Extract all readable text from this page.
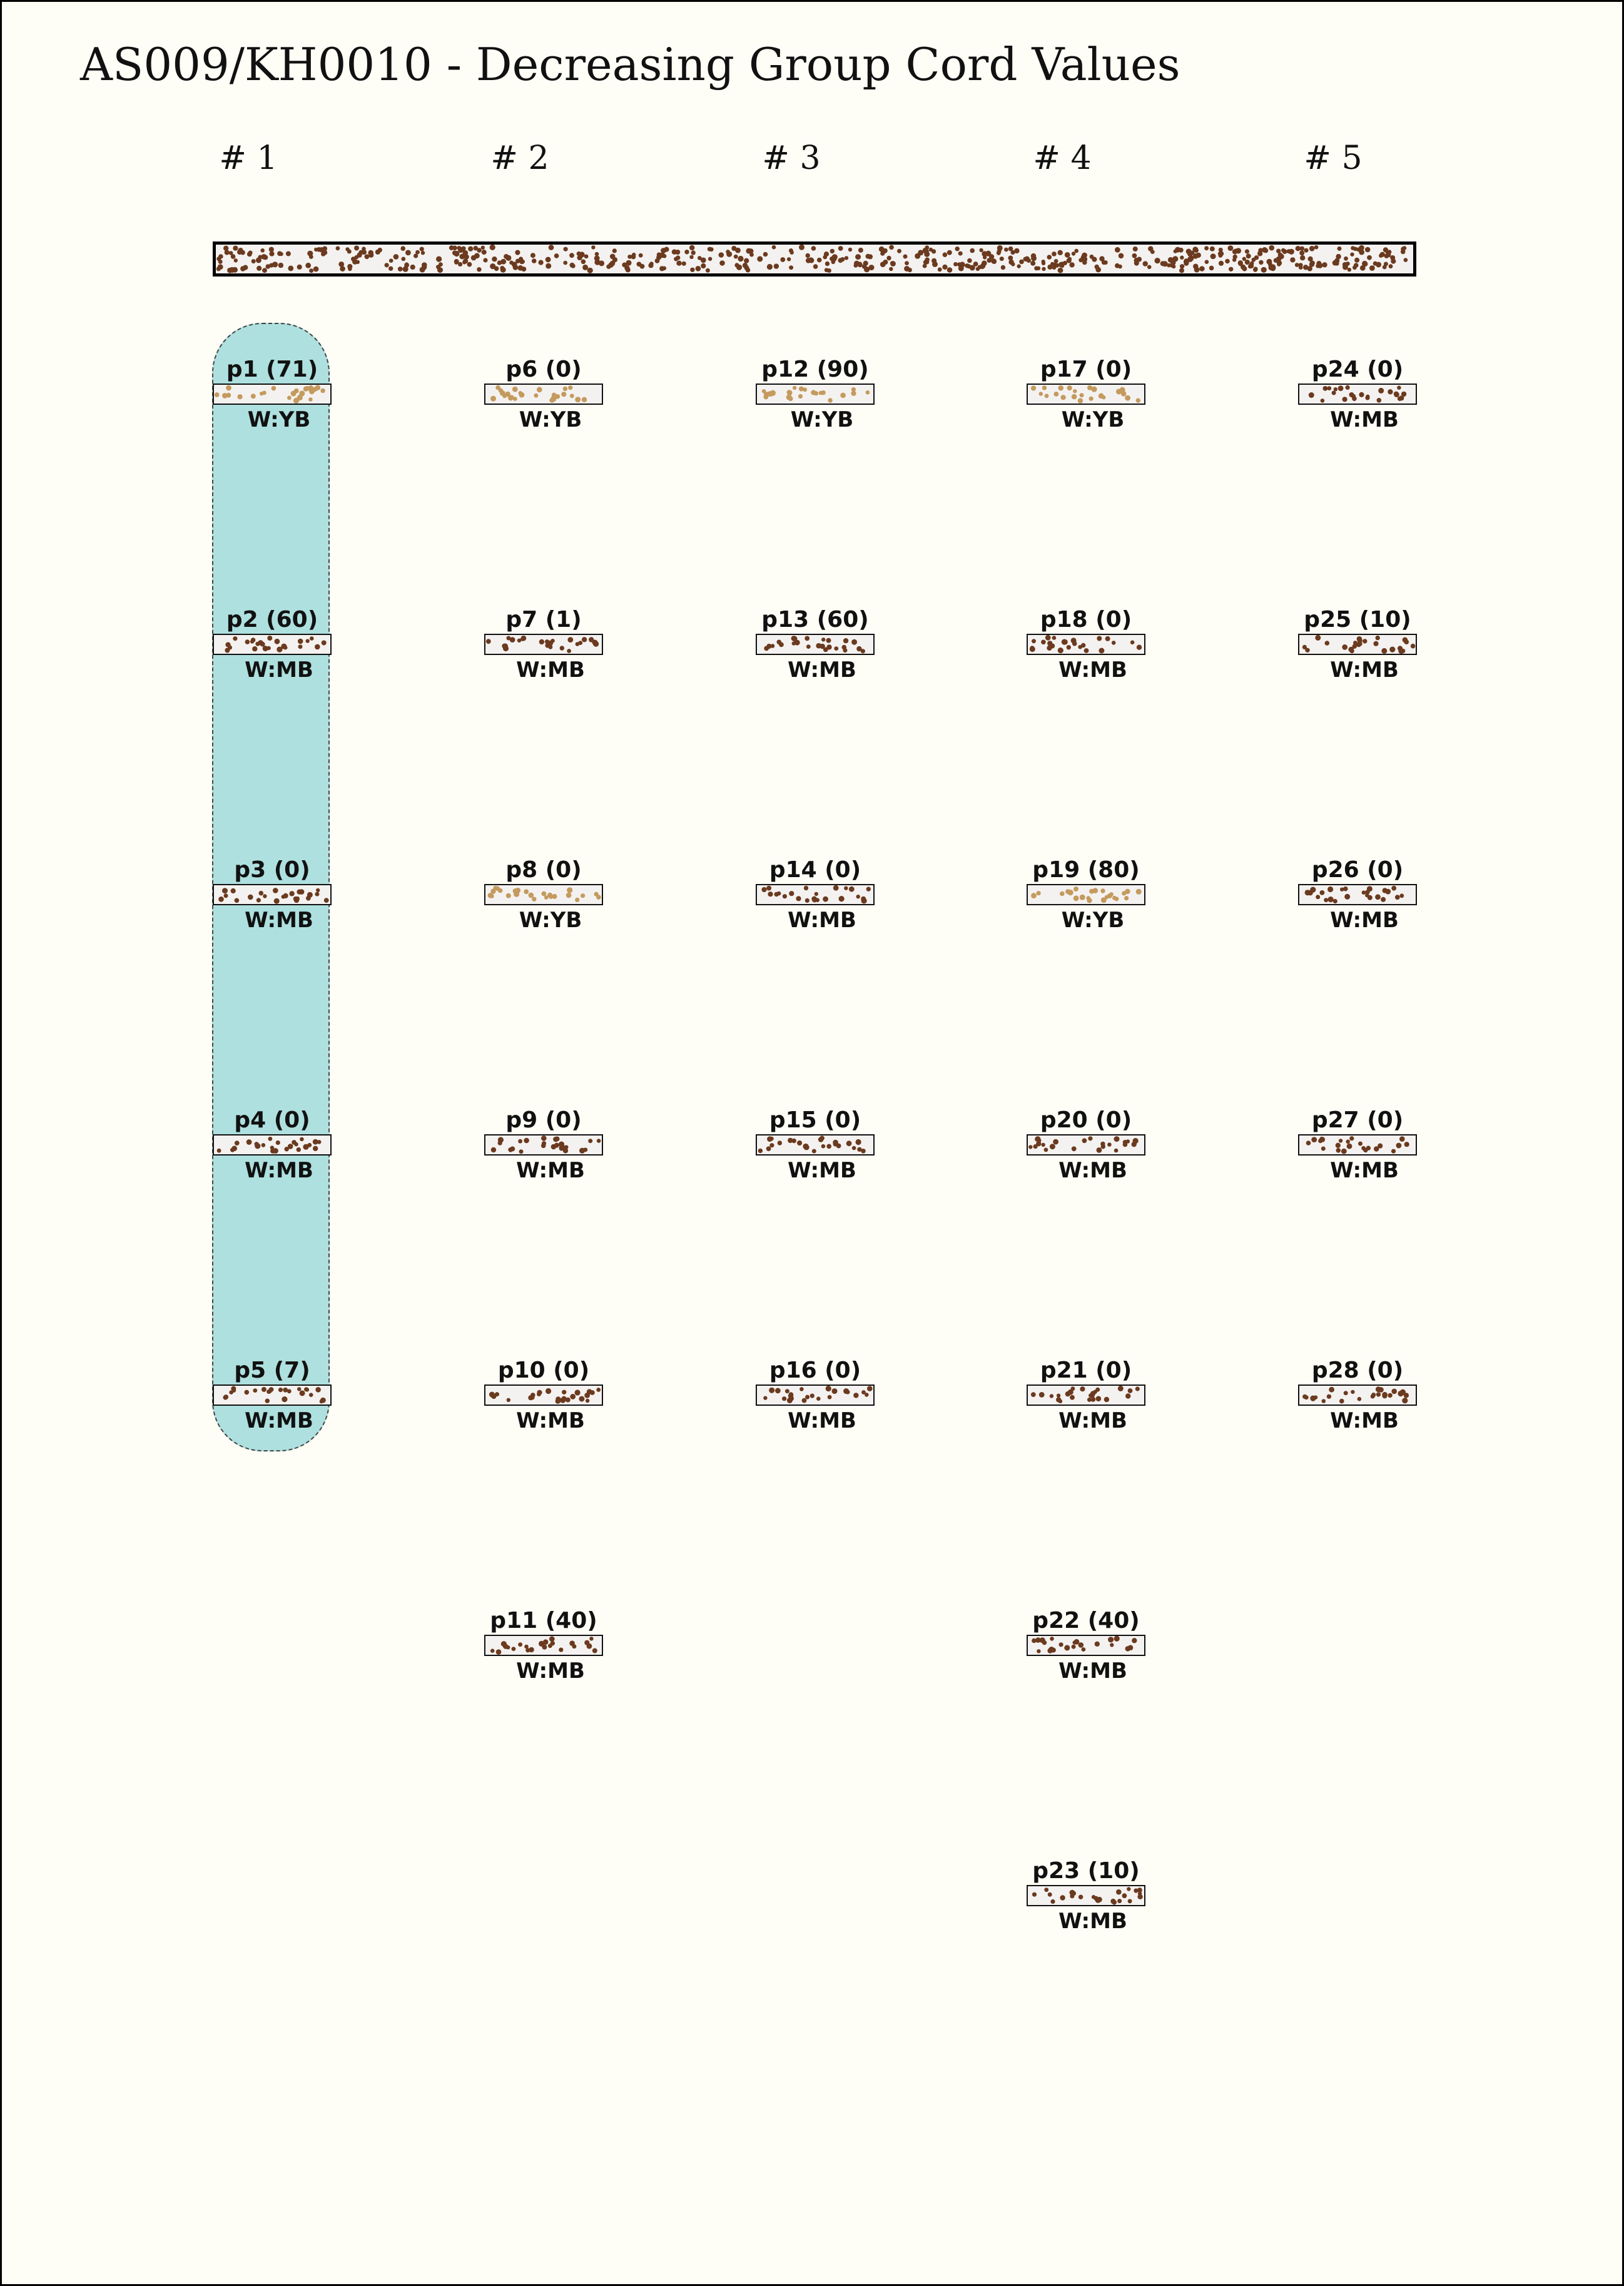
AS009/KH0010 - Decreasing Group Cord Values
# 1
p1 (71)
W:YB
p2 (60)
W:MB
p3 (0)
W:MB
p4 (0)
W:MB
p5 (7)
W:MB
# 2
p6 (0)
W:YB
p7 (1)
W:MB
p8 (0)
W:YB
p9 (0)
W:MB
p10 (0)
W:MB
p11 (40)
W:MB
# 3
p12 (90)
W:YB
p13 (60)
W:MB
p14 (0)
W:MB
p15 (0)
W:MB
p16 (0)
W:MB
# 4
p17 (0)
W:YB
p18 (0)
W:MB
p19 (80)
W:YB
p20 (0)
W:MB
p21 (0)
W:MB
p22 (40)
W:MB
p23 (10)
W:MB
# 5
p24 (0)
W:MB
p25 (10)
W:MB
p26 (0)
W:MB
p27 (0)
W:MB
p28 (0)
W:MB
